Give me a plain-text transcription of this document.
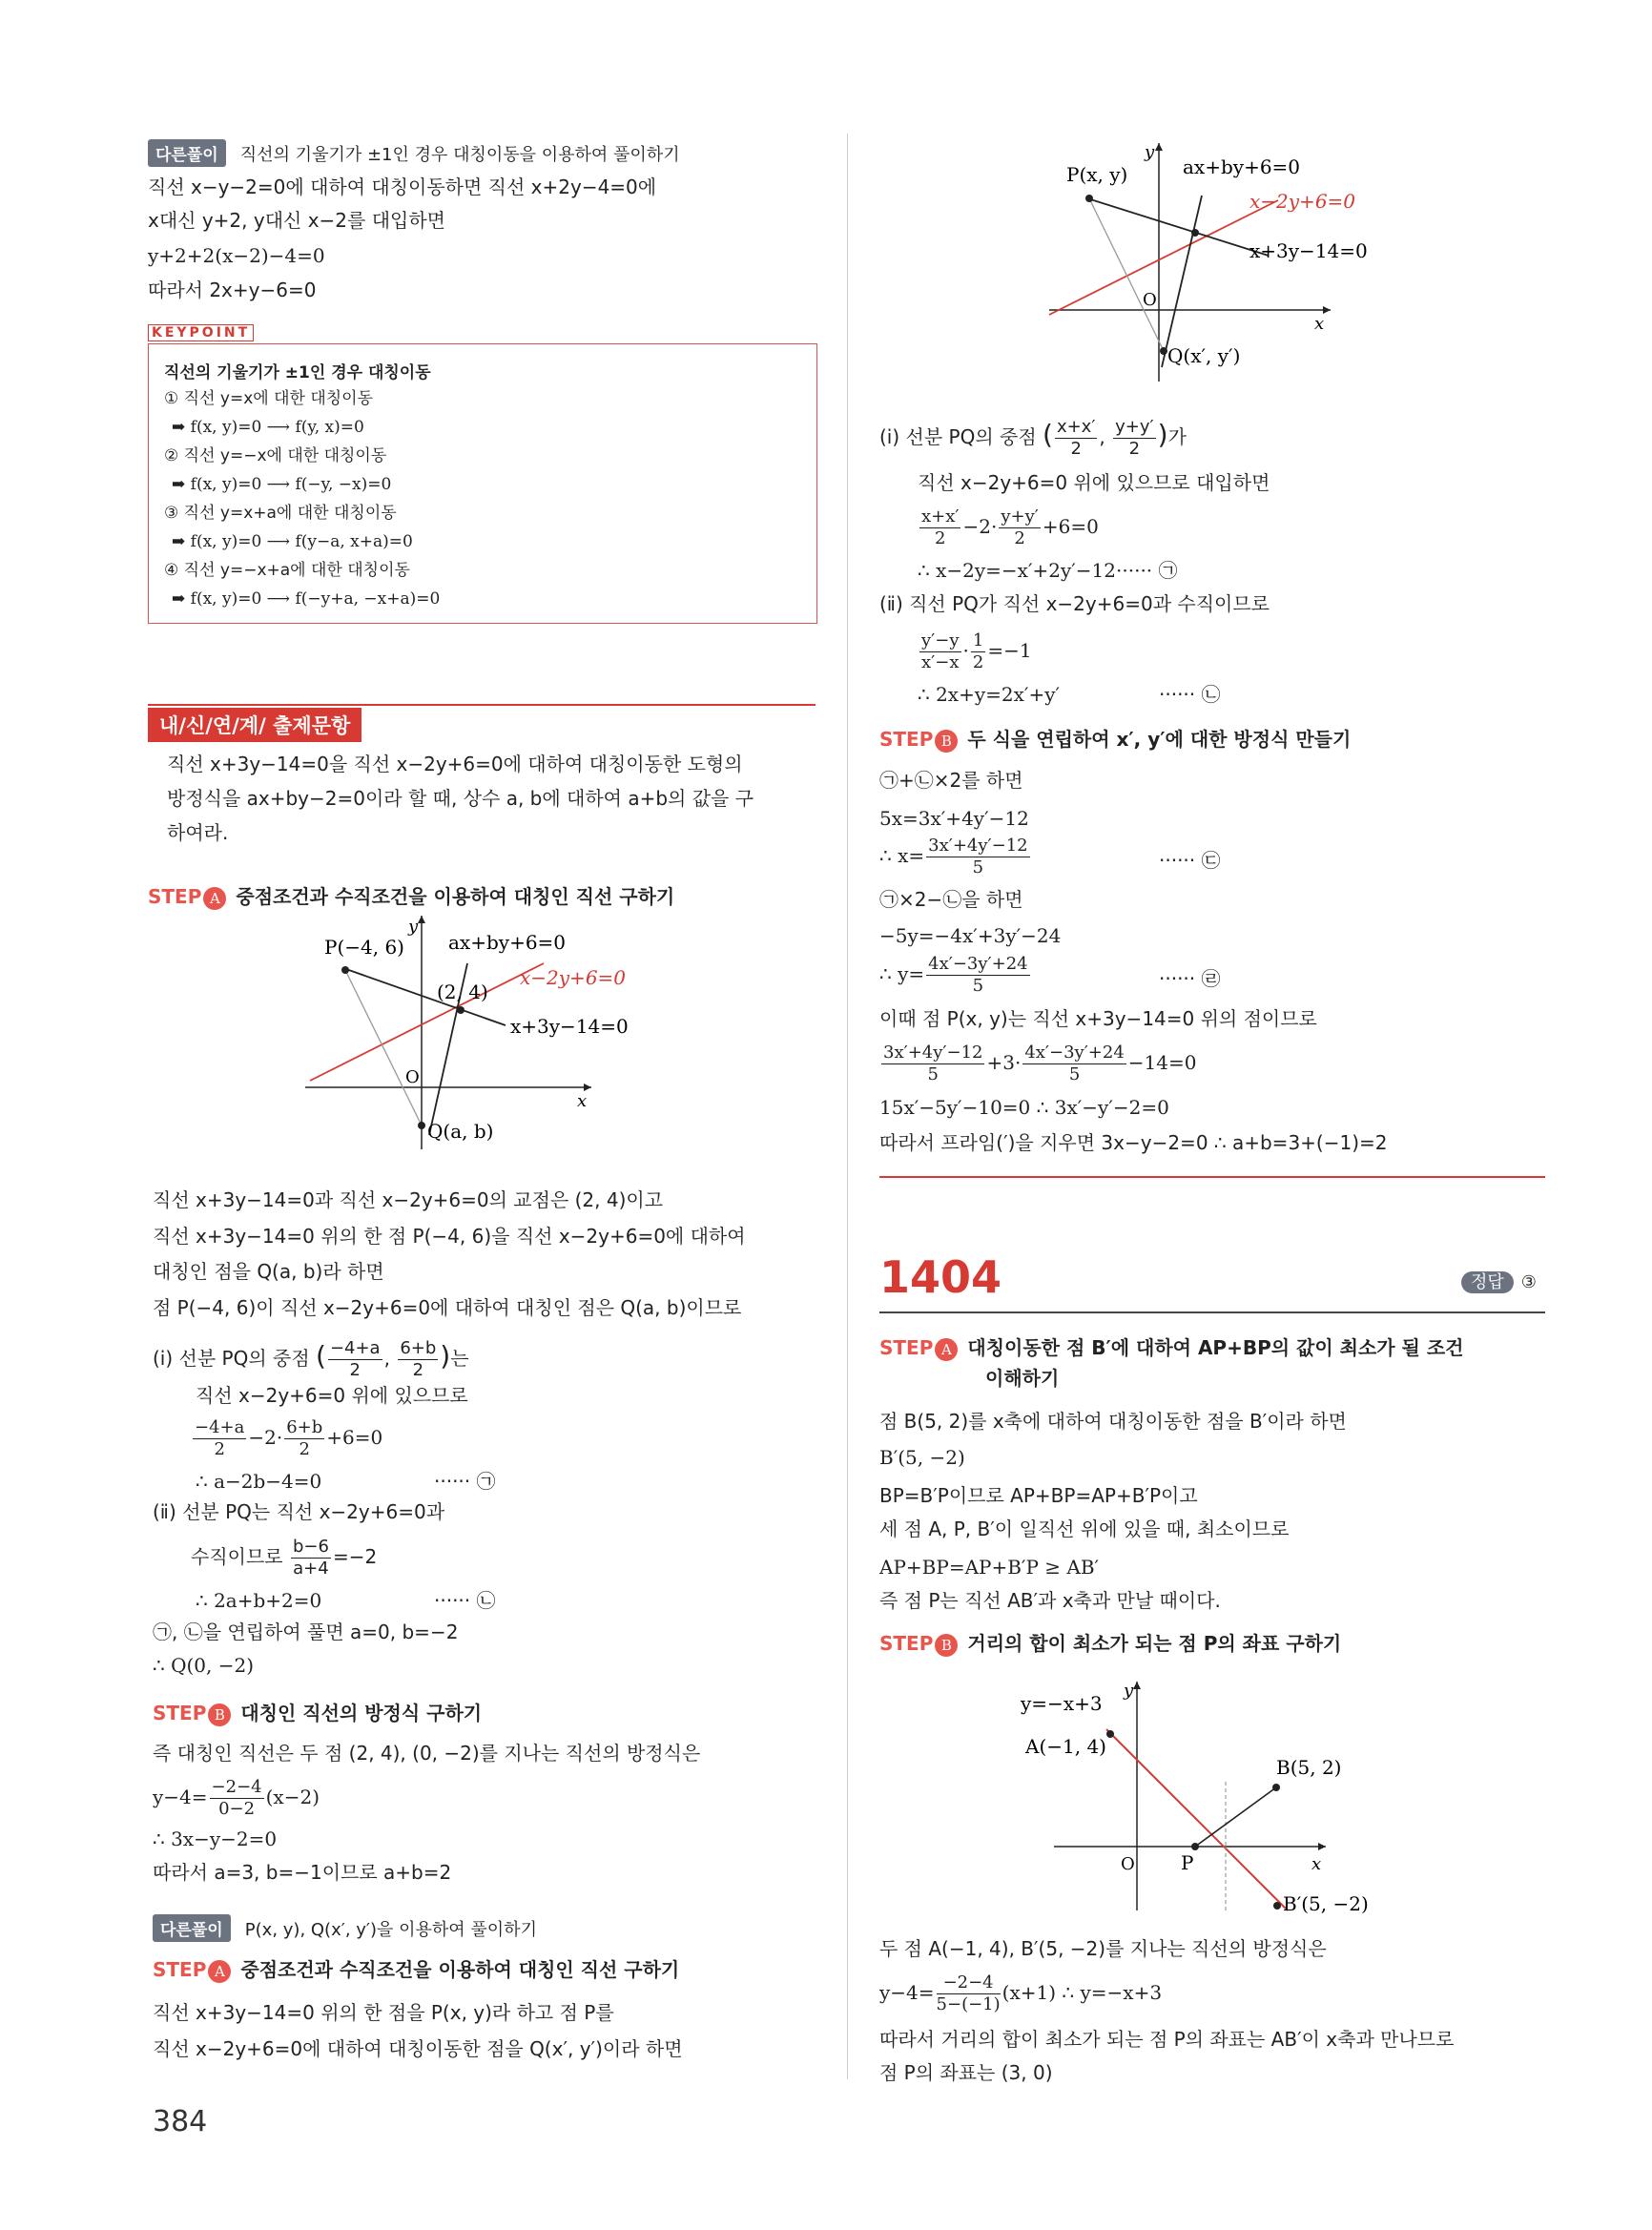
다른풀이 직선의 기울기가 ±1인 경우 대칭이동을 이용하여 풀이하기
직선 x−y−2=0에 대하여 대칭이동하면 직선 x+2y−4=0에
x대신 y+2, y대신 x−2를 대입하면
y+2+2(x−2)−4=0
따라서 2x+y−6=0
KEYPOINT
직선의 기울기가 ±1인 경우 대칭이동
① 직선 y=x에 대한 대칭이동
➡ f(x, y)=0 ⟶ f(y, x)=0
② 직선 y=−x에 대한 대칭이동
➡ f(x, y)=0 ⟶ f(−y, −x)=0
③ 직선 y=x+a에 대한 대칭이동
➡ f(x, y)=0 ⟶ f(y−a, x+a)=0
④ 직선 y=−x+a에 대한 대칭이동
➡ f(x, y)=0 ⟶ f(−y+a, −x+a)=0
내/신/연/계/ 출제문항
직선 x+3y−14=0을 직선 x−2y+6=0에 대하여 대칭이동한 도형의
방정식을 ax+by−2=0이라 할 때, 상수 a, b에 대하여 a+b의 값을 구
하여라.
STEP A 중점조건과 수직조건을 이용하여 대칭인 직선 구하기
P(−4, 6)
Q(a, b)
(2, 4)
ax+by+6=0
x−2y+6=0
x+3y−14=0
y
x
O
직선 x+3y−14=0과 직선 x−2y+6=0의 교점은 (2, 4)이고
직선 x+3y−14=0 위의 한 점 P(−4, 6)을 직선 x−2y+6=0에 대하여
대칭인 점을 Q(a, b)라 하면
점 P(−4, 6)이 직선 x−2y+6=0에 대하여 대칭인 점은 Q(a, b)이므로
(ⅰ) 선분 PQ의 중점 ( $\frac{-4+a}{2}$ , $\frac{6+b}{2}$ )는
직선 x−2y+6=0 위에 있으므로
$\frac{-4+a}{2} -2\cdot \frac{6+b}{2} +6=0$
∴ a−2b−4=0	······ ㉠
(ⅱ) 선분 PQ는 직선 x−2y+6=0과
수직이므로 $\frac{b-6}{a+4} =-2$
∴ 2a+b+2=0	······ ㉡
㉠, ㉡을 연립하여 풀면 a=0, b=−2
∴ Q(0, −2)
STEP B 대칭인 직선의 방정식 구하기
즉 대칭인 직선은 두 점 (2, 4), (0, −2)를 지나는 직선의 방정식은
$y-4= \frac{-2-4}{0-2} (x-2)$
∴ 3x−y−2=0
따라서 a=3, b=−1이므로 a+b=2
다른풀이 P(x, y), Q(x′, y′)을 이용하여 풀이하기
STEP A 중점조건과 수직조건을 이용하여 대칭인 직선 구하기
직선 x+3y−14=0 위의 한 점을 P(x, y)라 하고 점 P를
직선 x−2y+6=0에 대하여 대칭이동한 점을 Q(x′, y′)이라 하면
384
P(x, y)
Q(x′, y′)
ax+by+6=0
x−2y+6=0
x+3y−14=0
y
x
O
(ⅰ) 선분 PQ의 중점 ( $\frac{x+x'}{2}$ , $\frac{y+y'}{2}$ )가
직선 x−2y+6=0 위에 있으므로 대입하면
$\frac{x+x'}{2} -2\cdot \frac{y+y'}{2} +6=0$
∴ x−2y=−x′+2y′−12······ ㉠
(ⅱ) 직선 PQ가 직선 x−2y+6=0과 수직이므로
$\frac{y'-y}{x'-x} \cdot \frac{1}{2} =-1$
∴ 2x+y=2x′+y′	······ ㉡
STEP B 두 식을 연립하여 x′, y′에 대한 방정식 만들기
㉠+㉡×2를 하면
5x=3x′+4y′−12
∴ $x= \frac{3x'+4y'-12}{5}$	······ ㉢
㉠×2−㉡을 하면
−5y=−4x′+3y′−24
∴ $y= \frac{4x'-3y'+24}{5}$	······ ㉣
이때 점 P(x, y)는 직선 x+3y−14=0 위의 점이므로
$\frac{3x'+4y'-12}{5} +3\cdot \frac{4x'-3y'+24}{5} -14=0$
15x′−5y′−10=0 ∴ 3x′−y′−2=0
따라서 프라임(′)을 지우면 3x−y−2=0 ∴ a+b=3+(−1)=2
1404	정답 ③
STEP A 대칭이동한 점 B′에 대하여 AP+BP의 값이 최소가 될 조건
이해하기
점 B(5, 2)를 x축에 대하여 대칭이동한 점을 B′이라 하면
B′(5, −2)
BP=B′P이므로 AP+BP=AP+B′P이고
세 점 A, P, B′이 일직선 위에 있을 때, 최소이므로
AP+BP=AP+B′P ≥ AB′
즉 점 P는 직선 AB′과 x축과 만날 때이다.
STEP B 거리의 합이 최소가 되는 점 P의 좌표 구하기
y=−x+3
A(−1, 4)
B(5, 2)
B′(5, −2)
P
O
y
x
두 점 A(−1, 4), B′(5, −2)를 지나는 직선의 방정식은
$y-4= \frac{-2-4}{5-(-1)} (x+1)$ ∴ y=−x+3
따라서 거리의 합이 최소가 되는 점 P의 좌표는 AB′이 x축과 만나므로
점 P의 좌표는 (3, 0)
